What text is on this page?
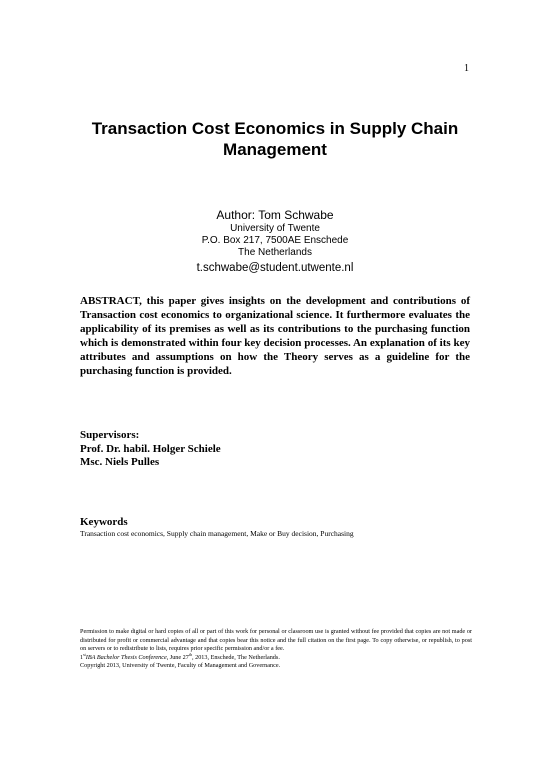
1
Transaction Cost Economics in Supply Chain
Management
Author: Tom Schwabe
University of Twente
P.O. Box 217, 7500AE Enschede
The Netherlands
t.schwabe@student.utwente.nl
ABSTRACT, this paper gives insights on the development and contributions of Transaction cost economics to organizational science. It furthermore evaluates the applicability of its premises as well as its contributions to the purchasing function which is demonstrated within four key decision processes. An explanation of its key attributes and assumptions on how the Theory serves as a guideline for the purchasing function is provided.
Supervisors:
Prof. Dr. habil. Holger Schiele
Msc. Niels Pulles
Keywords
Transaction cost economics, Supply chain management, Make or Buy decision, Purchasing

Permission to make digital or hard copies of all or part of this work for personal or classroom use is granted without fee provided that copies are not made or distributed for profit or commercial advantage and that copies bear this notice and the full citation on the first page. To copy otherwise, or republish, to post on servers or to redistribute to lists, requires prior specific permission and/or a fee.

1stIBA Bachelor Thesis Conference, June 27th, 2013, Enschede, The Netherlands.

Copyright 2013, University of Twente, Faculty of Management and Governance.
